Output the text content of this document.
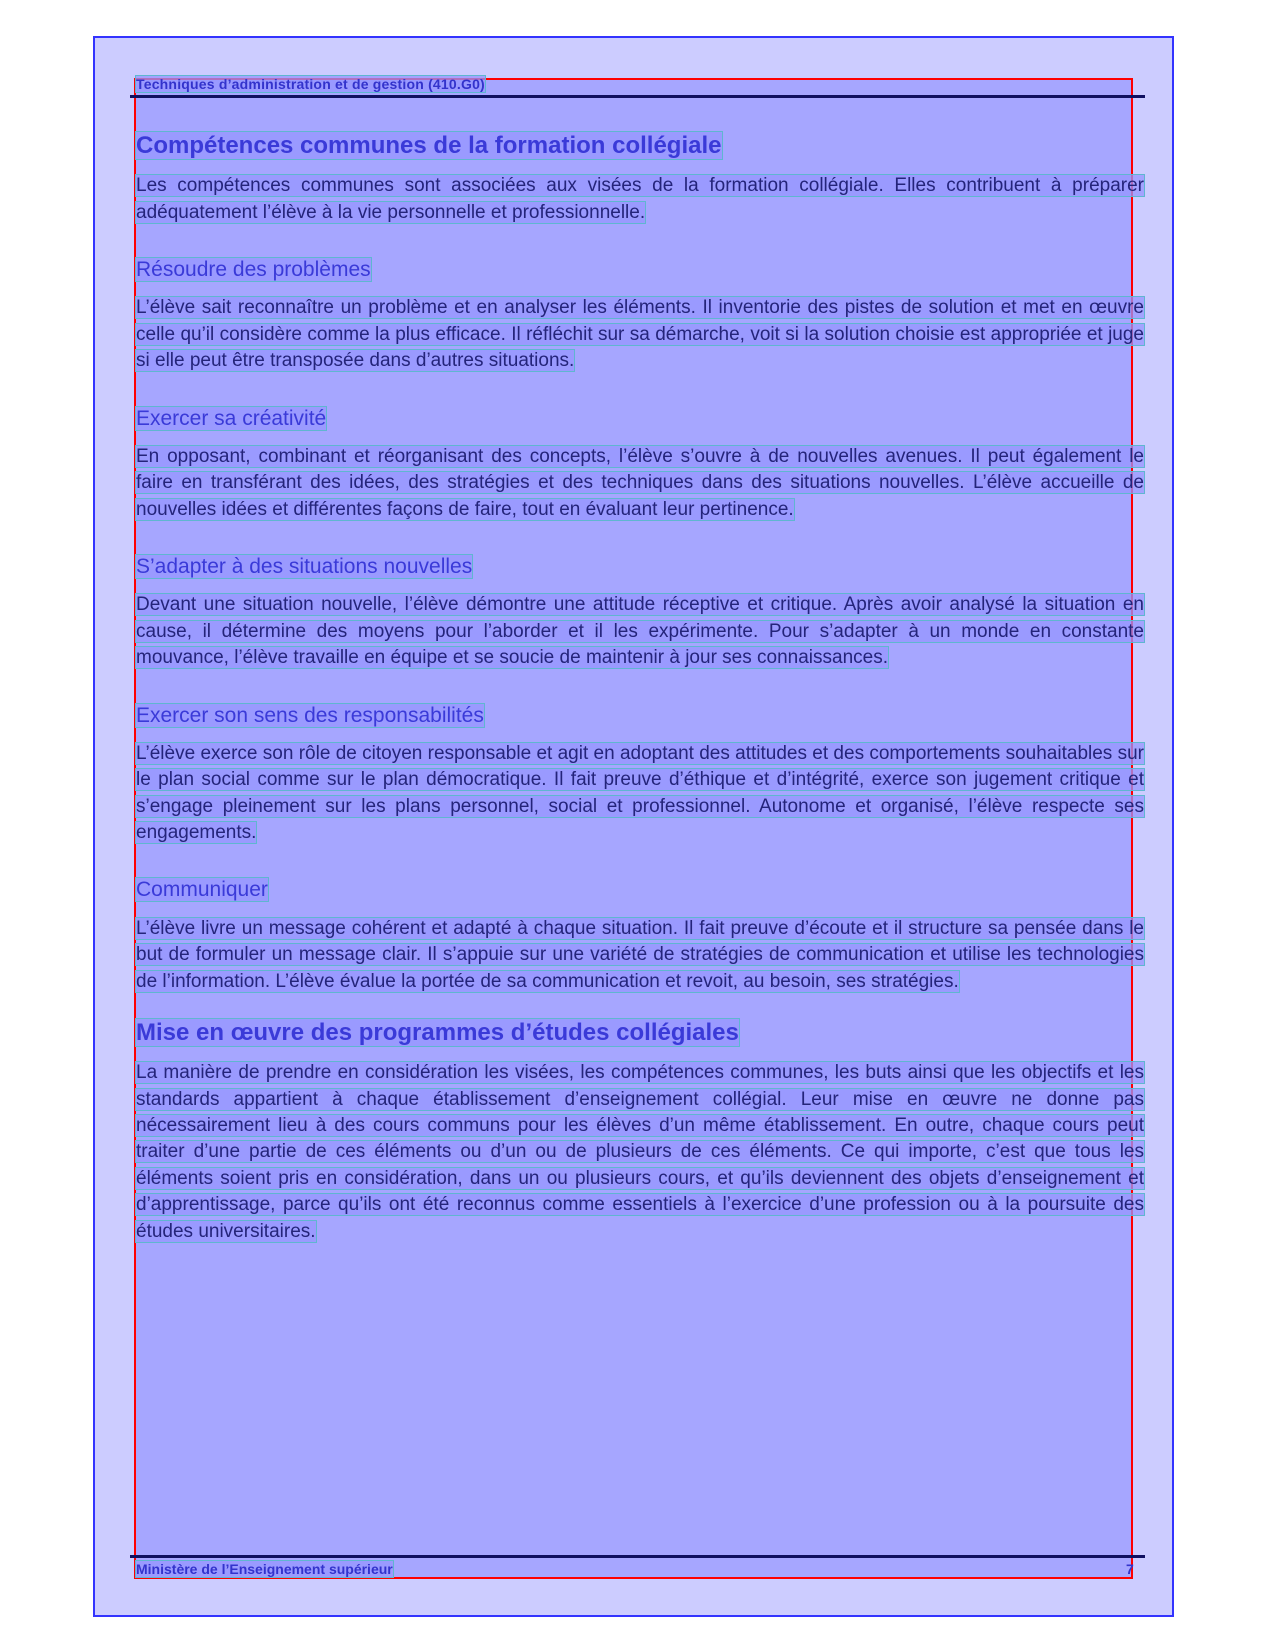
Techniques d’administration et de gestion (410.G0)
Compétences communes de la formation collégiale

Les compétences communes sont associées aux visées de la formation collégiale. Elles contribuent à préparer adéquatement l’élève à la vie personnelle et professionnelle.

Résoudre des problèmes

L’élève sait reconnaître un problème et en analyser les éléments. Il inventorie des pistes de solution et met en œuvre celle qu’il considère comme la plus efficace. Il réfléchit sur sa démarche, voit si la solution choisie est appropriée et juge si elle peut être transposée dans d’autres situations.

Exercer sa créativité

En opposant, combinant et réorganisant des concepts, l’élève s’ouvre à de nouvelles avenues. Il peut également le faire en transférant des idées, des stratégies et des techniques dans des situations nouvelles. L’élève accueille de nouvelles idées et différentes façons de faire, tout en évaluant leur pertinence.

S’adapter à des situations nouvelles

Devant une situation nouvelle, l’élève démontre une attitude réceptive et critique. Après avoir analysé la situation en cause, il détermine des moyens pour l’aborder et il les expérimente. Pour s’adapter à un monde en constante mouvance, l’élève travaille en équipe et se soucie de maintenir à jour ses connaissances.

Exercer son sens des responsabilités

L’élève exerce son rôle de citoyen responsable et agit en adoptant des attitudes et des comportements souhaitables sur le plan social comme sur le plan démocratique. Il fait preuve d’éthique et d’intégrité, exerce son jugement critique et s’engage pleinement sur les plans personnel, social et professionnel. Autonome et organisé, l’élève respecte ses engagements.

Communiquer

L’élève livre un message cohérent et adapté à chaque situation. Il fait preuve d’écoute et il structure sa pensée dans le but de formuler un message clair. Il s’appuie sur une variété de stratégies de communication et utilise les technologies de l’information. L’élève évalue la portée de sa communication et revoit, au besoin, ses stratégies.

Mise en œuvre des programmes d’études collégiales

La manière de prendre en considération les visées, les compétences communes, les buts ainsi que les objectifs et les standards appartient à chaque établissement d’enseignement collégial. Leur mise en œuvre ne donne pas nécessairement lieu à des cours communs pour les élèves d’un même établissement. En outre, chaque cours peut traiter d’une partie de ces éléments ou d’un ou de plusieurs de ces éléments. Ce qui importe, c’est que tous les éléments soient pris en considération, dans un ou plusieurs cours, et qu’ils deviennent des objets d’enseignement et d’apprentissage, parce qu’ils ont été reconnus comme essentiels à l’exercice d’une profession ou à la poursuite des études universitaires.

Ministère de l’Enseignement supérieur	7
